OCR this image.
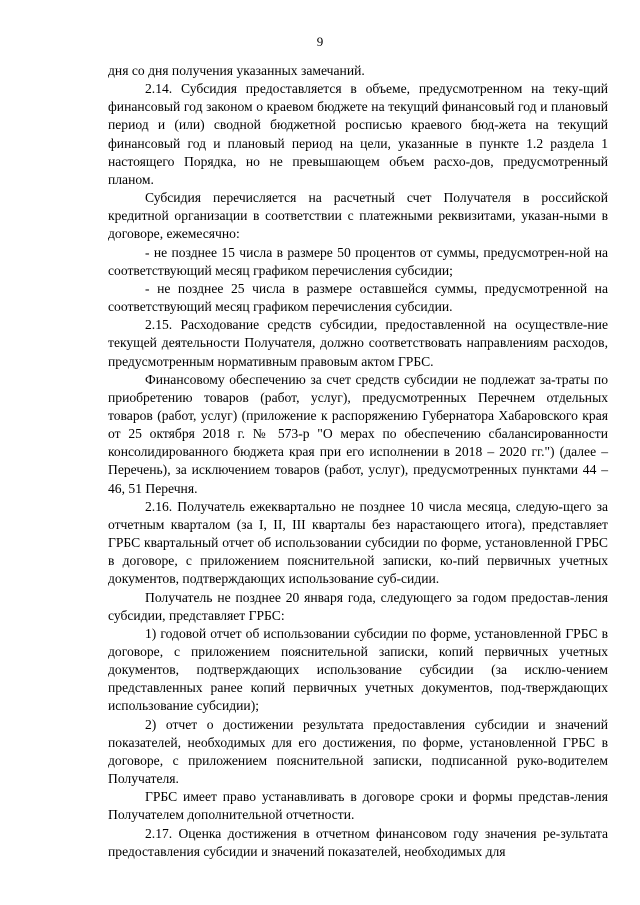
9

дня со дня получения указанных замечаний.

2.14. Субсидия предоставляется в объеме, предусмотренном на теку-щий финансовый год законом о краевом бюджете на текущий финансовый год и плановый период и (или) сводной бюджетной росписью краевого бюд-жета на текущий финансовый год и плановый период на цели, указанные в пункте 1.2 раздела 1 настоящего Порядка, но не превышающем объем расхо-дов, предусмотренный планом.

Субсидия перечисляется на расчетный счет Получателя в российской кредитной организации в соответствии с платежными реквизитами, указан-ными в договоре, ежемесячно:

- не позднее 15 числа в размере 50 процентов от суммы, предусмотрен-ной на соответствующий месяц графиком перечисления субсидии;

- не позднее 25 числа в размере оставшейся суммы, предусмотренной на соответствующий месяц графиком перечисления субсидии.

2.15. Расходование средств субсидии, предоставленной на осуществле-ние текущей деятельности Получателя, должно соответствовать направлениям расходов, предусмотренным нормативным правовым актом ГРБС.

Финансовому обеспечению за счет средств субсидии не подлежат за-траты по приобретению товаров (работ, услуг), предусмотренных Перечнем отдельных товаров (работ, услуг) (приложение к распоряжению Губернатора Хабаровского края от 25 октября 2018 г. № 573-р "О мерах по обеспечению сбалансированности консолидированного бюджета края при его исполнении в 2018 – 2020 гг.") (далее – Перечень), за исключением товаров (работ, услуг), предусмотренных пунктами 44 – 46, 51 Перечня.

2.16. Получатель ежеквартально не позднее 10 числа месяца, следую-щего за отчетным кварталом (за I, II, III кварталы без нарастающего итога), представляет ГРБС квартальный отчет об использовании субсидии по форме, установленной ГРБС в договоре, с приложением пояснительной записки, ко-пий первичных учетных документов, подтверждающих использование суб-сидии.

Получатель не позднее 20 января года, следующего за годом предостав-ления субсидии, представляет ГРБС:

1) годовой отчет об использовании субсидии по форме, установленной ГРБС в договоре, с приложением пояснительной записки, копий первичных учетных документов, подтверждающих использование субсидии (за исклю-чением представленных ранее копий первичных учетных документов, под-тверждающих использование субсидии);

2) отчет о достижении результата предоставления субсидии и значений показателей, необходимых для его достижения, по форме, установленной ГРБС в договоре, с приложением пояснительной записки, подписанной руко-водителем Получателя.

ГРБС имеет право устанавливать в договоре сроки и формы представ-ления Получателем дополнительной отчетности.

2.17. Оценка достижения в отчетном финансовом году значения ре-зультата предоставления субсидии и значений показателей, необходимых для
